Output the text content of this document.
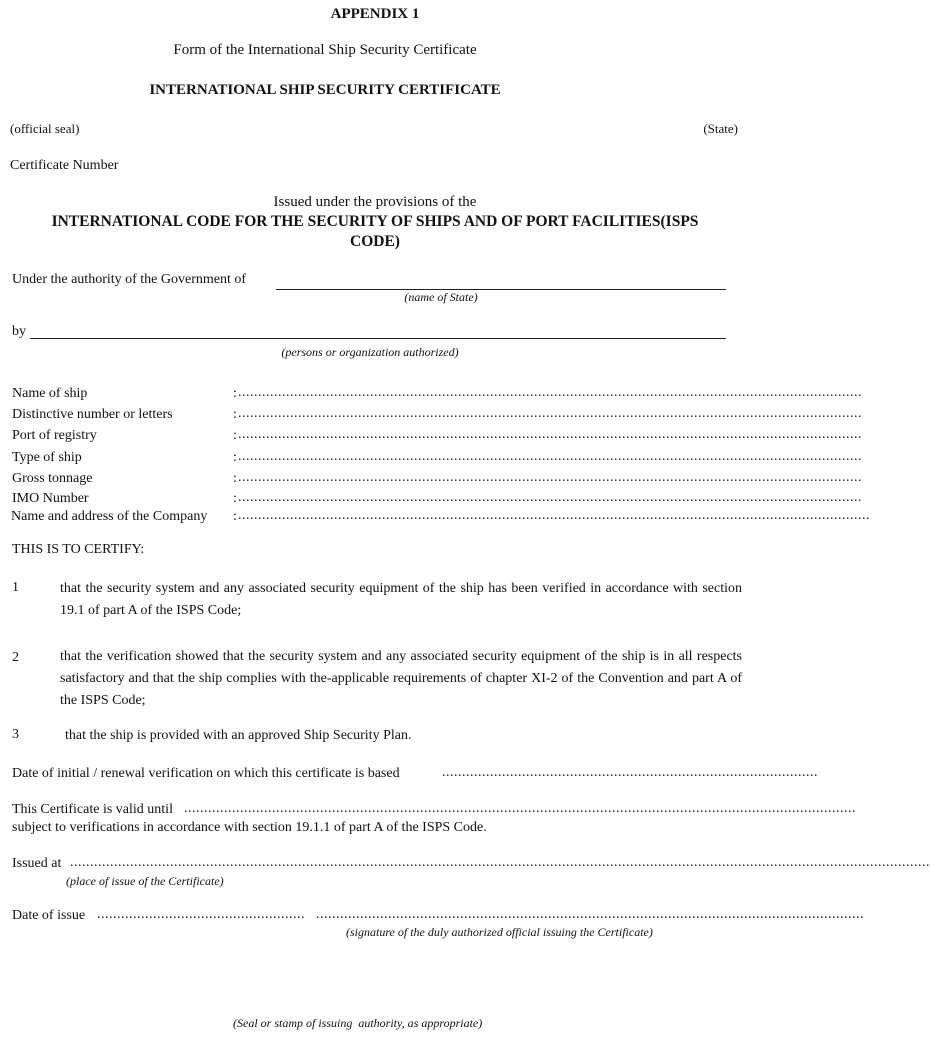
APPENDIX 1
Form of the International Ship Security Certificate
INTERNATIONAL SHIP SECURITY CERTIFICATE
(official seal)	(State)
Certificate Number
Issued under the provisions of the
INTERNATIONAL CODE FOR THE SECURITY OF SHIPS AND OF PORT FACILITIES(ISPS
CODE)
Under the authority of the Government of
(name of State)
by
(persons or organization authorized)
Name of ship	: ............................................................................................................................................................
Distinctive number or letters	: ............................................................................................................................................................
Port of registry	: ............................................................................................................................................................
Type of ship	: ............................................................................................................................................................
Gross tonnage	: ............................................................................................................................................................
IMO Number	: ............................................................................................................................................................
Name and address of the Company : ..............................................................................................................................................................
THIS IS TO CERTIFY:
1	that the security system and any associated security equipment of the ship has been verified in accordance with section 19.1 of part A of the ISPS Code;
2	that the verification showed that the security system and any associated security equipment of the ship is in all respects satisfactory and that the ship complies with the-applicable requirements of chapter XI-2 of the Convention and part A of the ISPS Code;
3	that the ship is provided with an approved Ship Security Plan.
Date of initial / renewal verification on which this certificate is based	..............................................................................................
This Certificate is valid until ........................................................................................................................................................................
subject to verifications in accordance with section 19.1.1 of part A of the ISPS Code.
Issued at .......................................................................................................................................................................................................................
(place of issue of the Certificate)
Date of issue .................................................... .........................................................................................................................................
(signature of the duly authorized official issuing the Certificate)
(Seal or stamp of issuing  authority, as appropriate)
